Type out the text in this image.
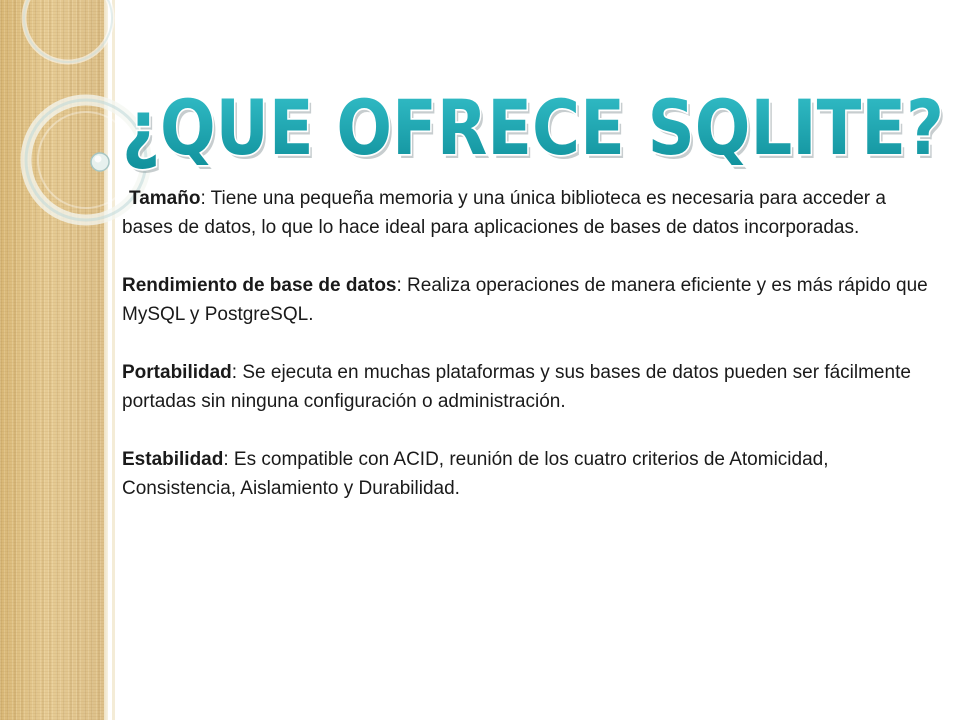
¿QUE OFRECE SQLITE?
¿QUE OFRECE SQLITE?

Tamaño: Tiene una pequeña memoria y una única biblioteca es necesaria para acceder a bases de datos, lo que lo hace ideal para aplicaciones de bases de datos incorporadas.

Rendimiento de base de datos: Realiza operaciones de manera eficiente y es más rápido que MySQL y PostgreSQL.

Portabilidad: Se ejecuta en muchas plataformas y sus bases de datos pueden ser fácilmente portadas sin ninguna configuración o administración.

Estabilidad: Es compatible con ACID, reunión de los cuatro criterios de Atomicidad, Consistencia, Aislamiento y Durabilidad.
